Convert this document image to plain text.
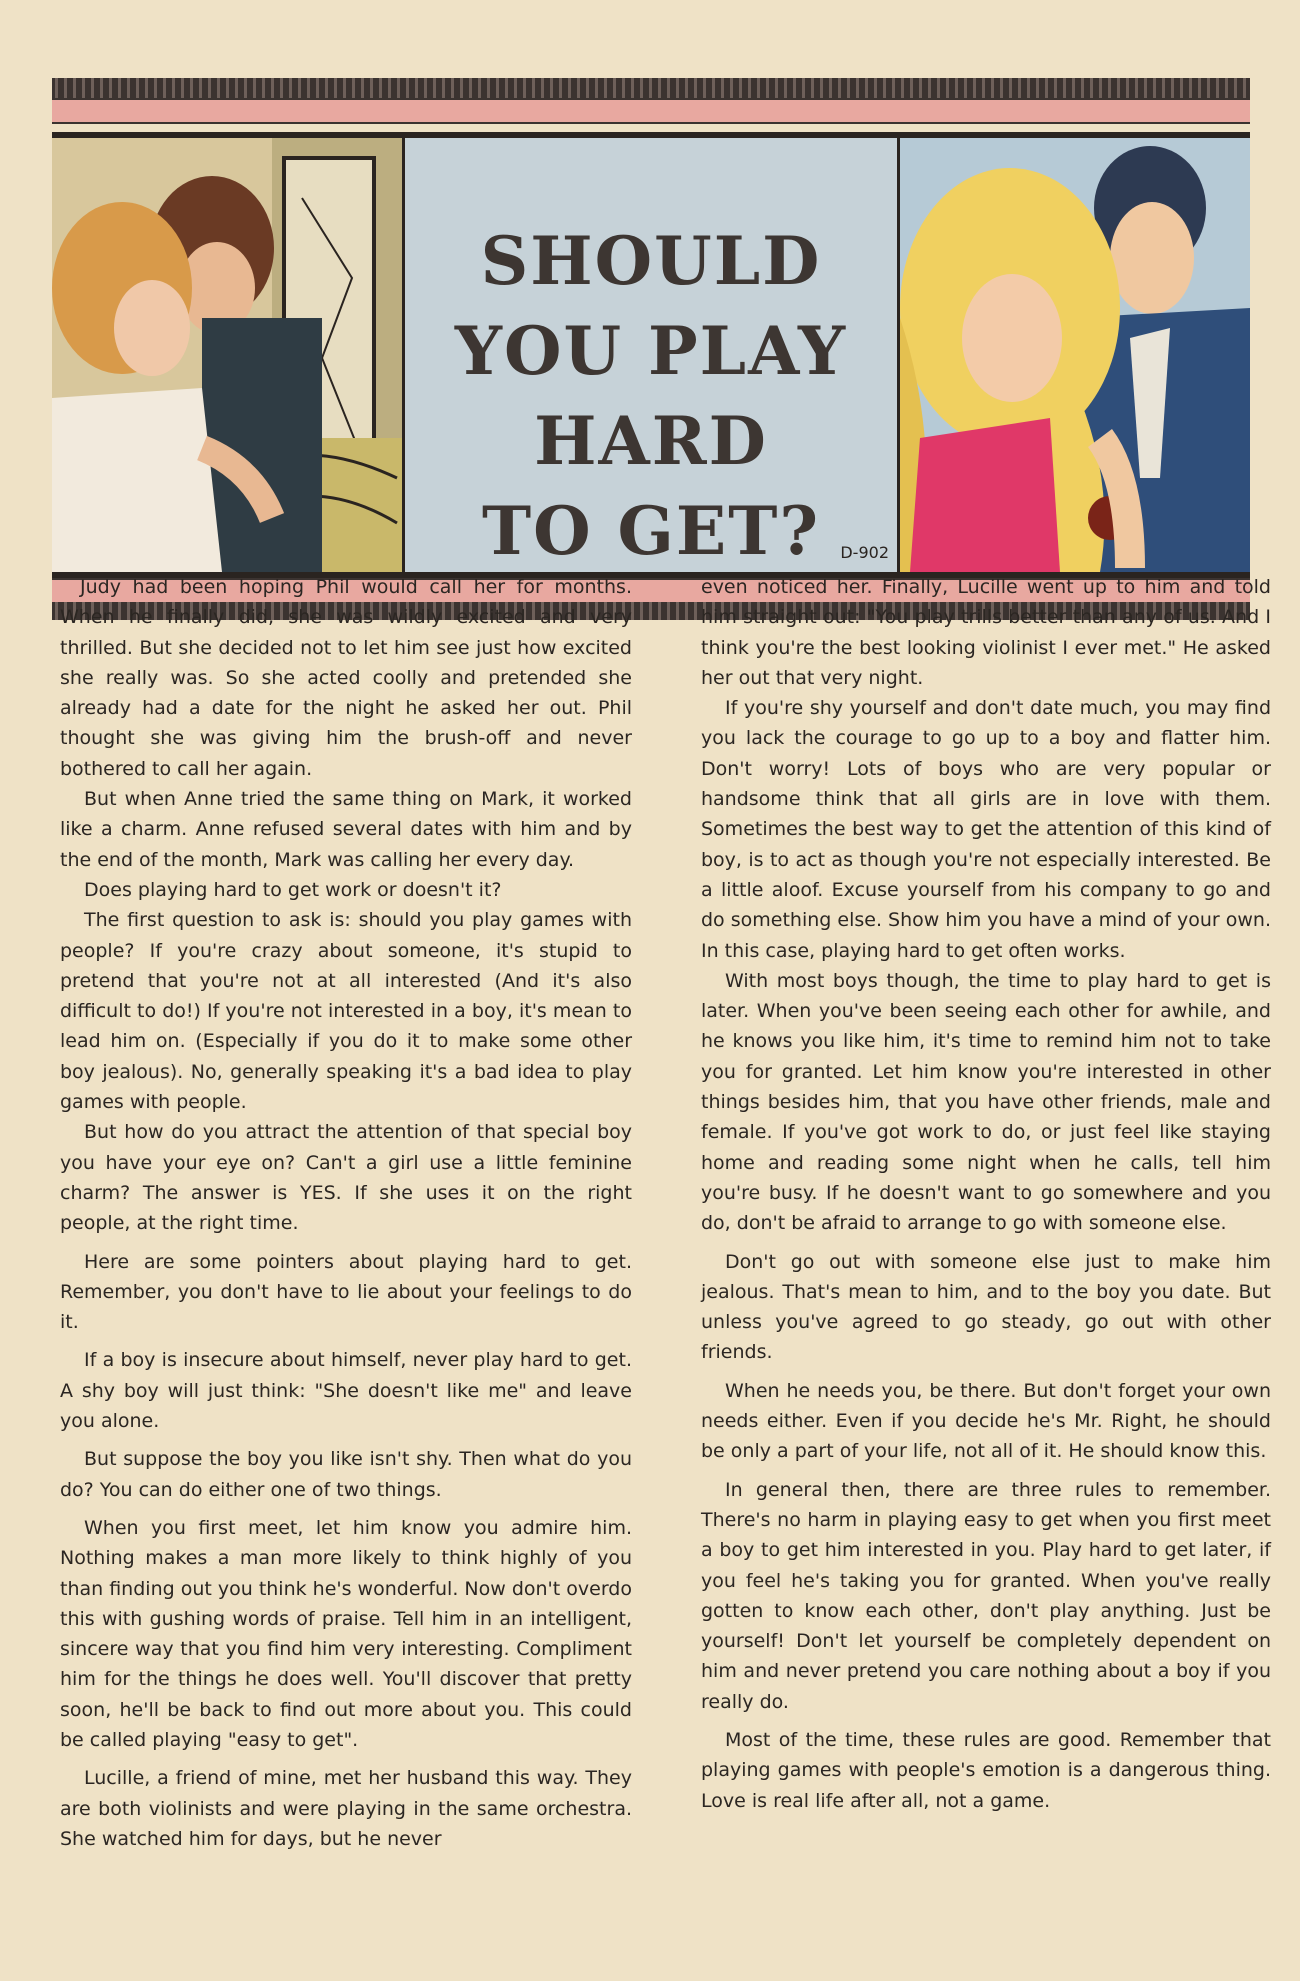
SHOULD
YOU PLAY
HARD
TO GET?	D-902

Judy had been hoping Phil would call her for months. When he finally did, she was wildly excited and very thrilled. But she decided not to let him see just how excited she really was. So she acted coolly and pretended she already had a date for the night he asked her out. Phil thought she was giving him the brush-off and never bothered to call her again.

But when Anne tried the same thing on Mark, it worked like a charm. Anne refused several dates with him and by the end of the month, Mark was calling her every day.

Does playing hard to get work or doesn't it?

The first question to ask is: should you play games with people? If you're crazy about someone, it's stupid to pretend that you're not at all interested (And it's also difficult to do!) If you're not interested in a boy, it's mean to lead him on. (Especially if you do it to make some other boy jealous). No, generally speaking it's a bad idea to play games with people.

But how do you attract the attention of that special boy you have your eye on? Can't a girl use a little feminine charm? The answer is YES. If she uses it on the right people, at the right time.

Here are some pointers about playing hard to get. Remember, you don't have to lie about your feelings to do it.

If a boy is insecure about himself, never play hard to get. A shy boy will just think: "She doesn't like me" and leave you alone.

But suppose the boy you like isn't shy. Then what do you do? You can do either one of two things.

When you first meet, let him know you admire him. Nothing makes a man more likely to think highly of you than finding out you think he's wonderful. Now don't overdo this with gushing words of praise. Tell him in an intelligent, sincere way that you find him very interesting. Compliment him for the things he does well. You'll discover that pretty soon, he'll be back to find out more about you. This could be called playing "easy to get".

Lucille, a friend of mine, met her husband this way. They are both violinists and were playing in the same orchestra. She watched him for days, but he never

even noticed her. Finally, Lucille went up to him and told him straight out: "You play trills better than any of us. And I think you're the best looking violinist I ever met." He asked her out that very night.

If you're shy yourself and don't date much, you may find you lack the courage to go up to a boy and flatter him. Don't worry! Lots of boys who are very popular or handsome think that all girls are in love with them. Sometimes the best way to get the attention of this kind of boy, is to act as though you're not especially interested. Be a little aloof. Excuse yourself from his company to go and do something else. Show him you have a mind of your own. In this case, playing hard to get often works.

With most boys though, the time to play hard to get is later. When you've been seeing each other for awhile, and he knows you like him, it's time to remind him not to take you for granted. Let him know you're interested in other things besides him, that you have other friends, male and female. If you've got work to do, or just feel like staying home and reading some night when he calls, tell him you're busy. If he doesn't want to go somewhere and you do, don't be afraid to arrange to go with someone else.

Don't go out with someone else just to make him jealous. That's mean to him, and to the boy you date. But unless you've agreed to go steady, go out with other friends.

When he needs you, be there. But don't forget your own needs either. Even if you decide he's Mr. Right, he should be only a part of your life, not all of it. He should know this.

In general then, there are three rules to remember. There's no harm in playing easy to get when you first meet a boy to get him interested in you. Play hard to get later, if you feel he's taking you for granted. When you've really gotten to know each other, don't play anything. Just be yourself! Don't let yourself be completely dependent on him and never pretend you care nothing about a boy if you really do.

Most of the time, these rules are good. Remember that playing games with people's emotion is a dangerous thing. Love is real life after all, not a game.
